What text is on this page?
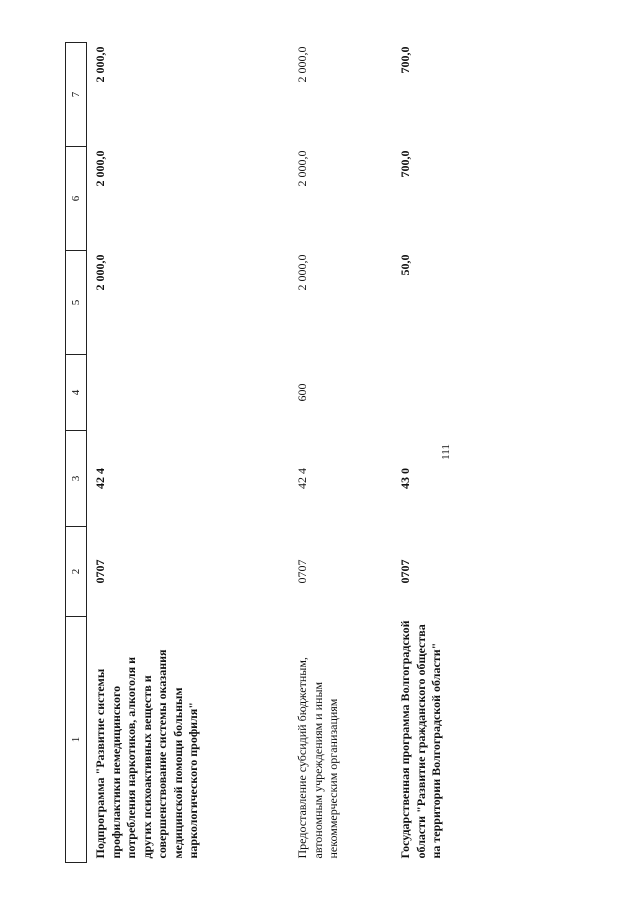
111
1	2	3	4	5	6	7
Подпрограмма "Развитие системы профилактики немедицинского потребления наркотиков, алкоголя и других психоактивных веществ и совершенствование системы оказания медицинской помощи больным наркологического профиля"	0707	42 4		2 000,0	2 000,0	2 000,0
Предоставление субсидий бюджетным, автономным учреждениям и иным некоммерческим организациям	0707	42 4	600	2 000,0	2 000,0	2 000,0
Государственная программа Волгоградской области "Развитие гражданского общества на территории Волгоградской области"	0707	43 0		50,0	700,0	700,0
